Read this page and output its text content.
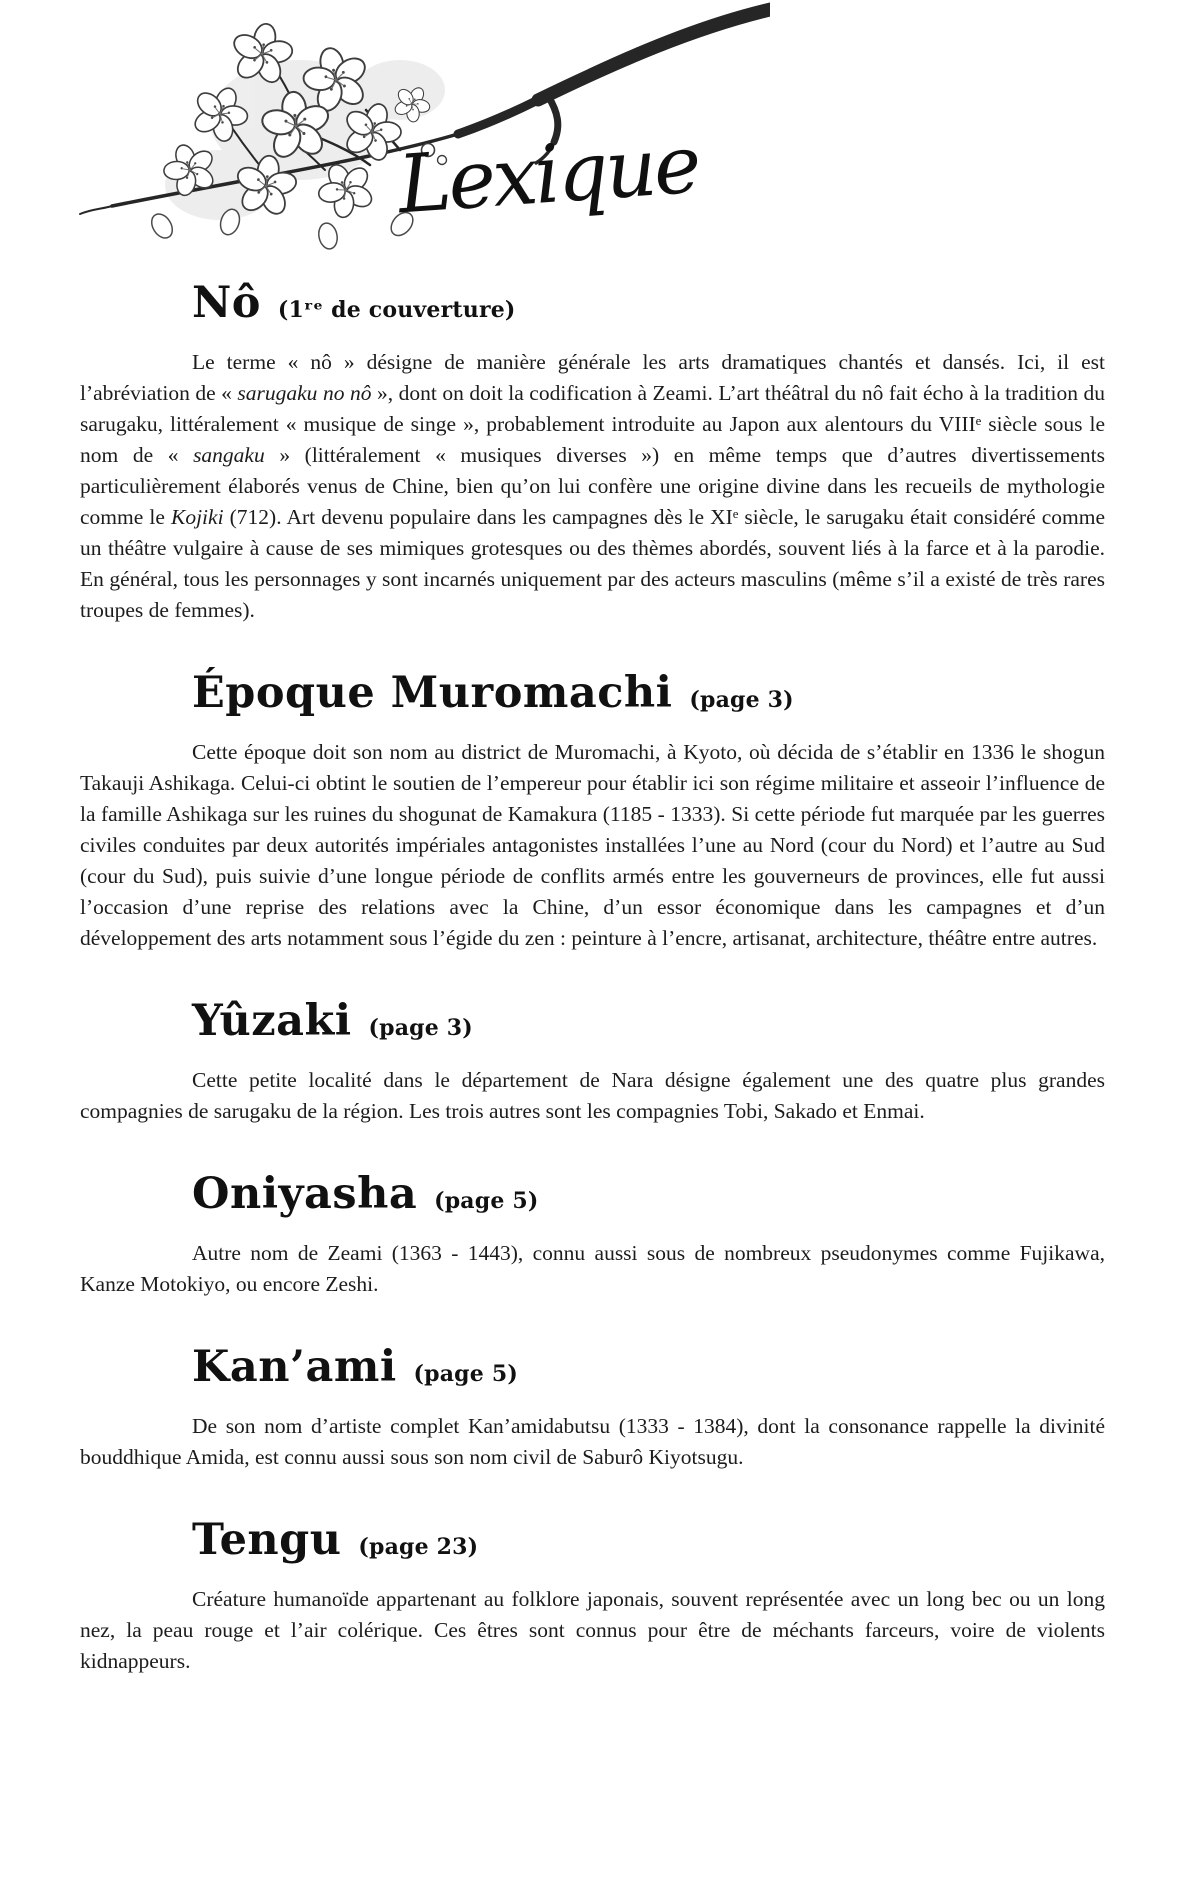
Lexique
Nô (1ʳᵉ de couverture)

Le terme « nô » désigne de manière générale les arts dramatiques chantés et dansés. Ici, il est l’abréviation de « sarugaku no nô », dont on doit la codification à Zeami. L’art théâtral du nô fait écho à la tradition du sarugaku, littéralement « musique de singe », probablement introduite au Japon aux alentours du VIIIᵉ siècle sous le nom de « sangaku » (littéralement « musiques diverses ») en même temps que d’autres divertissements particulièrement élaborés venus de Chine, bien qu’on lui confère une origine divine dans les recueils de mythologie comme le Kojiki (712). Art devenu populaire dans les campagnes dès le XIᵉ siècle, le sarugaku était considéré comme un théâtre vulgaire à cause de ses mimiques grotesques ou des thèmes abordés, souvent liés à la farce et à la parodie. En général, tous les personnages y sont incarnés uniquement par des acteurs masculins (même s’il a existé de très rares troupes de femmes).

Époque Muromachi (page 3)

Cette époque doit son nom au district de Muromachi, à Kyoto, où décida de s’établir en 1336 le shogun Takauji Ashikaga. Celui-ci obtint le soutien de l’empereur pour établir ici son régime militaire et asseoir l’influence de la famille Ashikaga sur les ruines du shogunat de Kamakura (1185 - 1333). Si cette période fut marquée par les guerres civiles conduites par deux autorités impériales antagonistes installées l’une au Nord (cour du Nord) et l’autre au Sud (cour du Sud), puis suivie d’une longue période de conflits armés entre les gouverneurs de provinces, elle fut aussi l’occasion d’une reprise des relations avec la Chine, d’un essor économique dans les campagnes et d’un développement des arts notamment sous l’égide du zen : peinture à l’encre, artisanat, architecture, théâtre entre autres.

Yûzaki (page 3)

Cette petite localité dans le département de Nara désigne également une des quatre plus grandes compagnies de sarugaku de la région. Les trois autres sont les compagnies Tobi, Sakado et Enmai.

Oniyasha (page 5)

Autre nom de Zeami (1363 - 1443), connu aussi sous de nombreux pseudonymes comme Fujikawa, Kanze Motokiyo, ou encore Zeshi.

Kan’ami (page 5)

De son nom d’artiste complet Kan’amidabutsu (1333 - 1384), dont la consonance rappelle la divinité bouddhique Amida, est connu aussi sous son nom civil de Saburô Kiyotsugu.

Tengu (page 23)

Créature humanoïde appartenant au folklore japonais, souvent représentée avec un long bec ou un long nez, la peau rouge et l’air colérique. Ces êtres sont connus pour être de méchants farceurs, voire de violents kidnappeurs.
